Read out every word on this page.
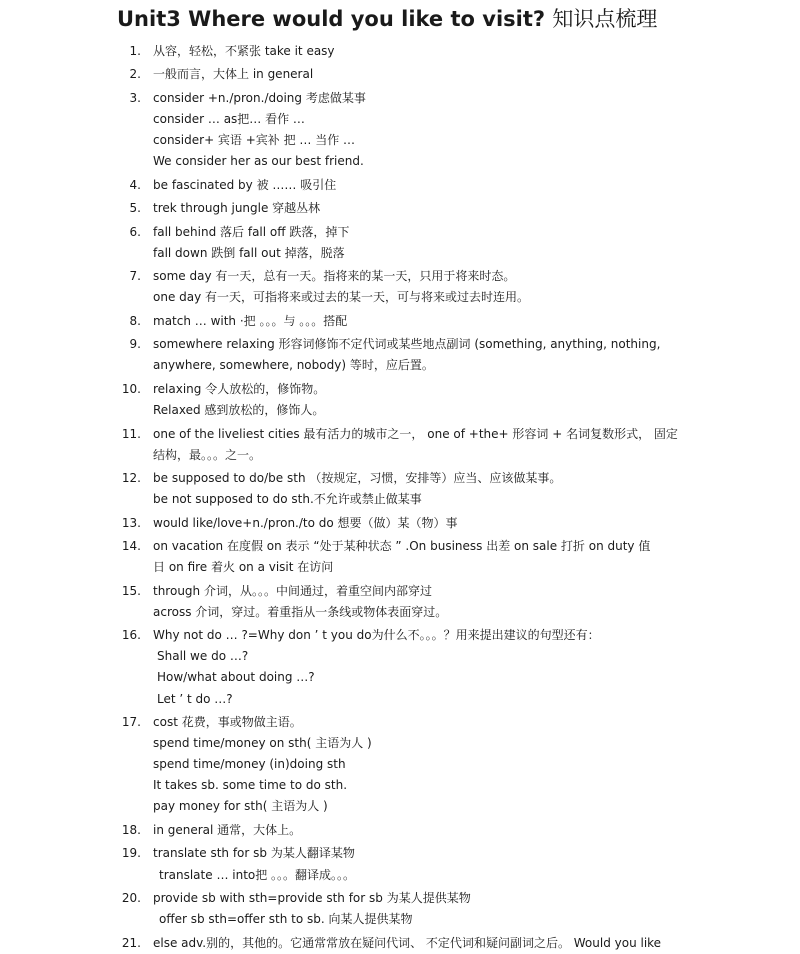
Unit3 Where would you like to visit? 知识点梳理
1. 从容，轻松，不紧张 take it easy
2. 一般而言，大体上 in general
3. consider +n./pron./doing 考虑做某事
consider … as把… 看作 …
consider+ 宾语 +宾补 把 … 当作 …
We consider her as our best friend.
4. be fascinated by 被 …… 吸引住
5. trek through jungle 穿越丛林
6. fall behind 落后 fall off 跌落，掉下
fall down 跌倒 fall out 掉落，脱落
7. some day 有一天，总有一天。指将来的某一天，只用于将来时态。
one day 有一天，可指将来或过去的某一天，可与将来或过去时连用。
8. match … with ·把 。。。与 。。。搭配
9. somewhere relaxing 形容词修饰不定代词或某些地点副词 (something, anything, nothing,
anywhere, somewhere, nobody) 等时，应后置。
10. relaxing 令人放松的，修饰物。
Relaxed 感到放松的，修饰人。
11. one of the liveliest cities 最有活力的城市之一， one of +the+ 形容词 + 名词复数形式， 固定
结构，最。。。之一。
12. be supposed to do/be sth （按规定，习惯，安排等）应当、应该做某事。
be not supposed to do sth.不允许或禁止做某事
13. would like/love+n./pron./to do 想要（做）某（物）事
14. on vacation 在度假 on 表示 “处于某种状态 ” .On business 出差 on sale 打折 on duty 值
日 on fire 着火 on a visit 在访问
15. through 介词，从。。。中间通过，着重空间内部穿过
across 介词，穿过。着重指从一条线或物体表面穿过。
16. Why not do … ?=Why don ’ t you do为什么不。。。？用来提出建议的句型还有：
Shall we do …?
How/what about doing …?
Let ’ t do …?
17. cost 花费，事或物做主语。
spend time/money on sth( 主语为人 )
spend time/money (in)doing sth
It takes sb. some time to do sth.
pay money for sth( 主语为人 )
18. in general 通常，大体上。
19. translate sth for sb 为某人翻译某物
translate … into把 。。。翻译成。。。
20. provide sb with sth=provide sth for sb 为某人提供某物
offer sb sth=offer sth to sb. 向某人提供某物
21. else adv.别的，其他的。它通常常放在疑问代词、 不定代词和疑问副词之后。 Would you like
